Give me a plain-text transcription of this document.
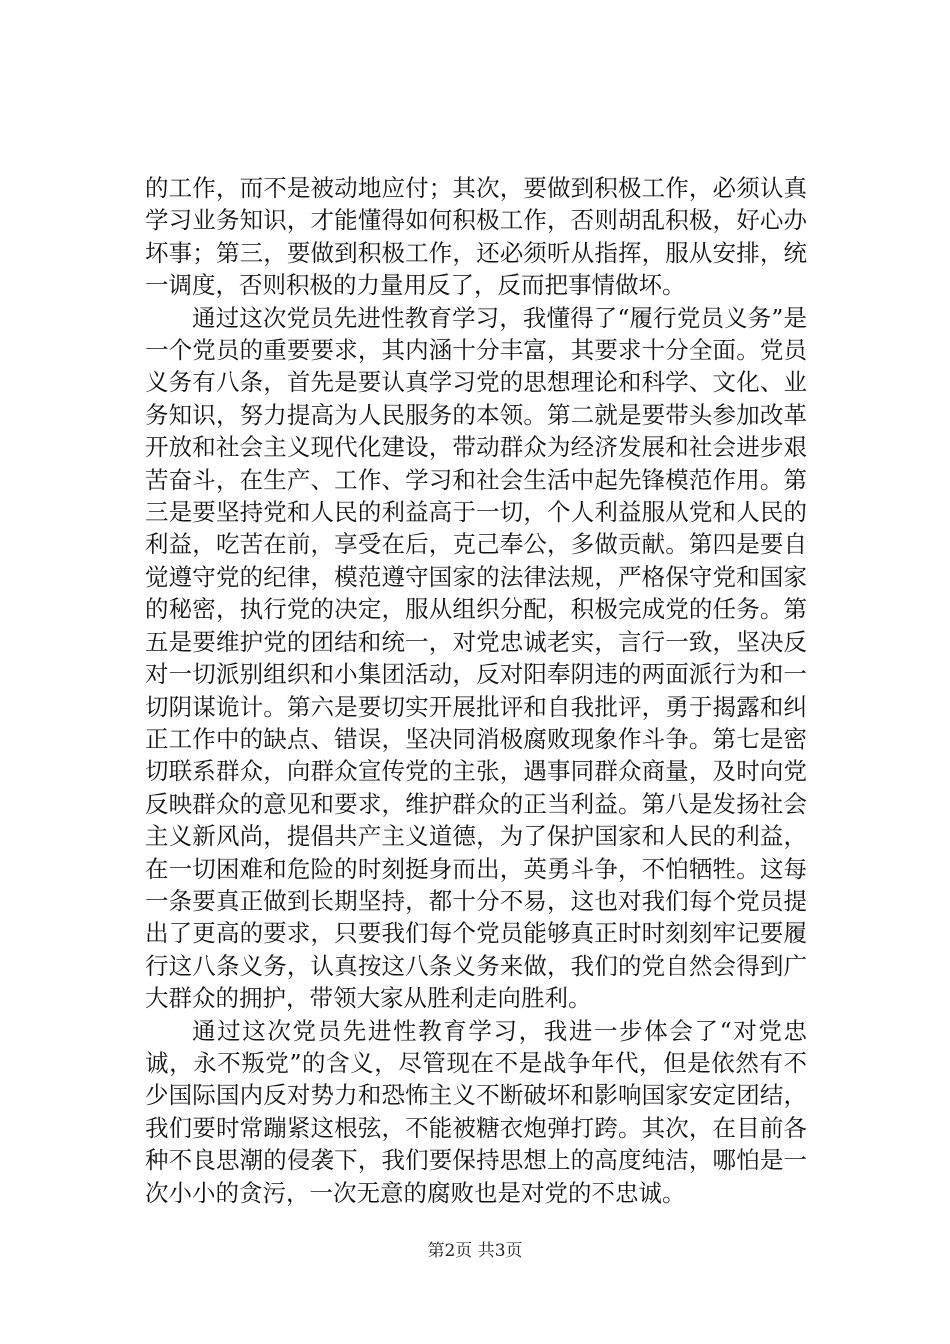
的工作，而不是被动地应付；其次，要做到积极工作，必须认真学习业务知识，才能懂得如何积极工作，否则胡乱积极，好心办坏事；第三，要做到积极工作，还必须听从指挥，服从安排，统一调度，否则积极的力量用反了，反而把事情做坏。

通过这次党员先进性教育学习，我懂得了“履行党员义务”是一个党员的重要要求，其内涵十分丰富，其要求十分全面。党员义务有八条，首先是要认真学习党的思想理论和科学、文化、业务知识，努力提高为人民服务的本领。第二就是要带头参加改革开放和社会主义现代化建设，带动群众为经济发展和社会进步艰苦奋斗，在生产、工作、学习和社会生活中起先锋模范作用。第三是要坚持党和人民的利益高于一切，个人利益服从党和人民的利益，吃苦在前，享受在后，克己奉公，多做贡献。第四是要自觉遵守党的纪律，模范遵守国家的法律法规，严格保守党和国家的秘密，执行党的决定，服从组织分配，积极完成党的任务。第五是要维护党的团结和统一，对党忠诚老实，言行一致，坚决反对一切派别组织和小集团活动，反对阳奉阴违的两面派行为和一切阴谋诡计。第六是要切实开展批评和自我批评，勇于揭露和纠正工作中的缺点、错误，坚决同消极腐败现象作斗争。第七是密切联系群众，向群众宣传党的主张，遇事同群众商量，及时向党反映群众的意见和要求，维护群众的正当利益。第八是发扬社会主义新风尚，提倡共产主义道德，为了保护国家和人民的利益，在一切困难和危险的时刻挺身而出，英勇斗争，不怕牺牲。这每一条要真正做到长期坚持，都十分不易，这也对我们每个党员提出了更高的要求，只要我们每个党员能够真正时时刻刻牢记要履行这八条义务，认真按这八条义务来做，我们的党自然会得到广大群众的拥护，带领大家从胜利走向胜利。

通过这次党员先进性教育学习，我进一步体会了“对党忠诚，永不叛党”的含义，尽管现在不是战争年代，但是依然有不少国际国内反对势力和恐怖主义不断破坏和影响国家安定团结，我们要时常蹦紧这根弦，不能被糖衣炮弹打跨。其次，在目前各种不良思潮的侵袭下，我们要保持思想上的高度纯洁，哪怕是一次小小的贪污，一次无意的腐败也是对党的不忠诚。

第2页 共3页
